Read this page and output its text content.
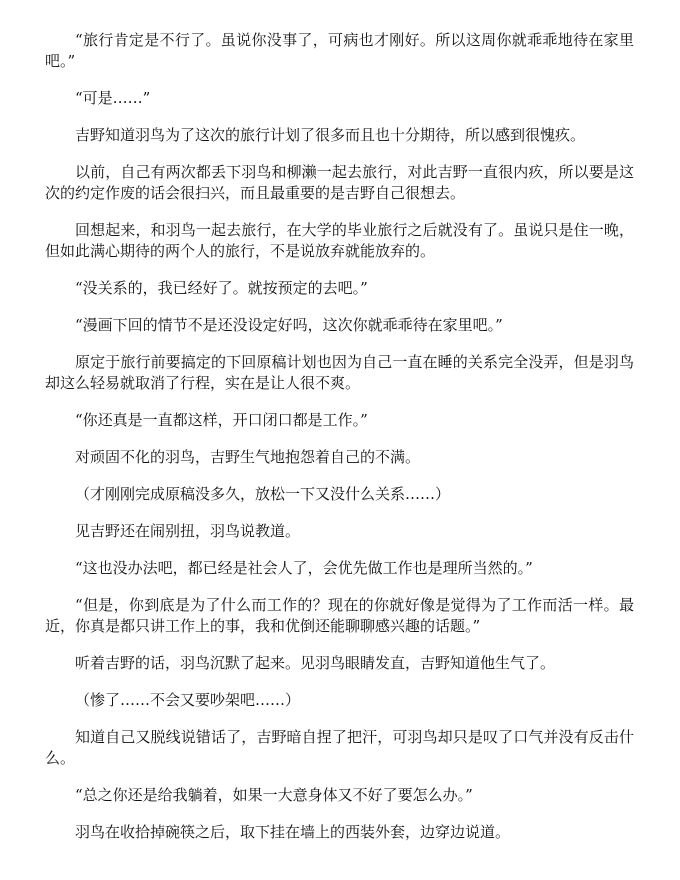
“旅行肯定是不行了。虽说你没事了，可病也才刚好。所以这周你就乖乖地待在家里吧。”

“可是……”

吉野知道羽鸟为了这次的旅行计划了很多而且也十分期待，所以感到很愧疚。

以前，自己有两次都丢下羽鸟和柳濑一起去旅行，对此吉野一直很内疚，所以要是这次的约定作废的话会很扫兴，而且最重要的是吉野自己很想去。

回想起来，和羽鸟一起去旅行，在大学的毕业旅行之后就没有了。虽说只是住一晚，但如此满心期待的两个人的旅行，不是说放弃就能放弃的。

“没关系的，我已经好了。就按预定的去吧。”

“漫画下回的情节不是还没设定好吗，这次你就乖乖待在家里吧。”

原定于旅行前要搞定的下回原稿计划也因为自己一直在睡的关系完全没弄，但是羽鸟却这么轻易就取消了行程，实在是让人很不爽。

“你还真是一直都这样，开口闭口都是工作。”

对顽固不化的羽鸟，吉野生气地抱怨着自己的不满。

（才刚刚完成原稿没多久，放松一下又没什么关系……）

见吉野还在闹别扭，羽鸟说教道。

“这也没办法吧，都已经是社会人了，会优先做工作也是理所当然的。”

“但是，你到底是为了什么而工作的？现在的你就好像是觉得为了工作而活一样。最近，你真是都只讲工作上的事，我和优倒还能聊聊感兴趣的话题。”

听着吉野的话，羽鸟沉默了起来。见羽鸟眼睛发直，吉野知道他生气了。

（惨了……不会又要吵架吧……）

知道自己又脱线说错话了，吉野暗自捏了把汗，可羽鸟却只是叹了口气并没有反击什么。

“总之你还是给我躺着，如果一大意身体又不好了要怎么办。”

羽鸟在收拾掉碗筷之后，取下挂在墙上的西装外套，边穿边说道。
